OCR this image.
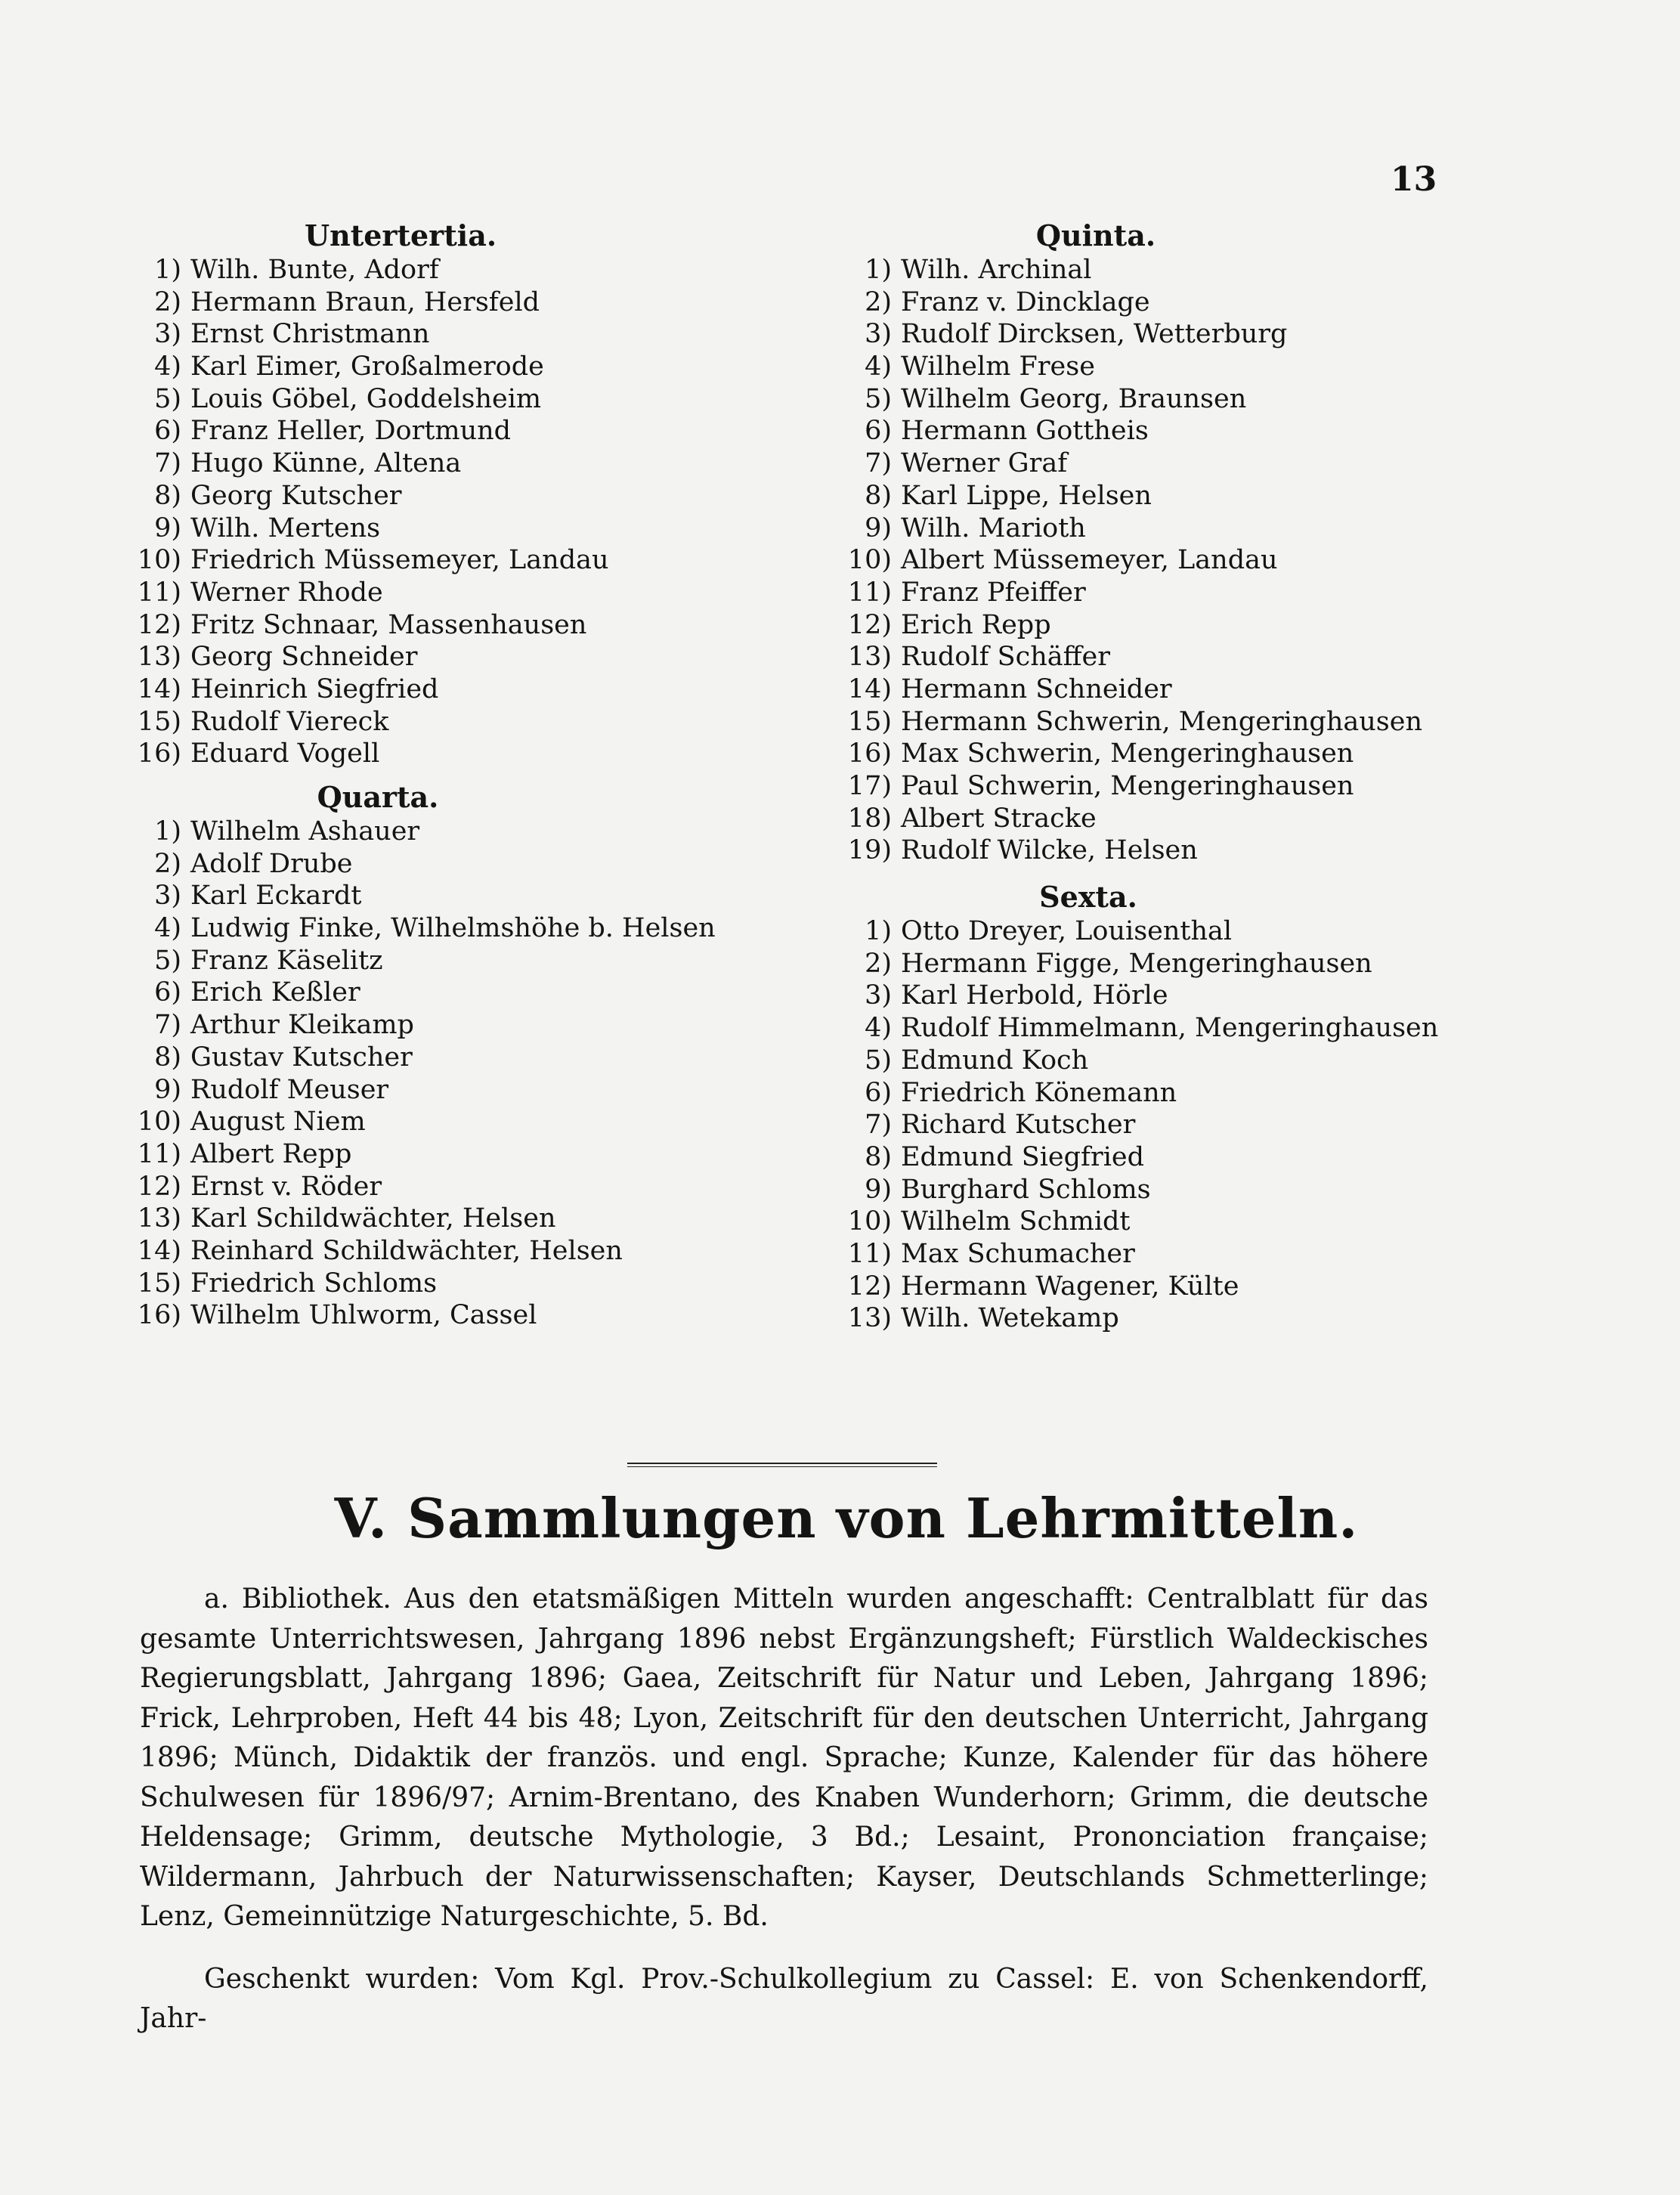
13
Untertertia.
1) Wilh. Bunte, Adorf
2) Hermann Braun, Hersfeld
3) Ernst Christmann
4) Karl Eimer, Großalmerode
5) Louis Göbel, Goddelsheim
6) Franz Heller, Dortmund
7) Hugo Künne, Altena
8) Georg Kutscher
9) Wilh. Mertens
10) Friedrich Müssemeyer, Landau
11) Werner Rhode
12) Fritz Schnaar, Massenhausen
13) Georg Schneider
14) Heinrich Siegfried
15) Rudolf Viereck
16) Eduard Vogell
Quarta.
1) Wilhelm Ashauer
2) Adolf Drube
3) Karl Eckardt
4) Ludwig Finke, Wilhelmshöhe b. Helsen
5) Franz Käselitz
6) Erich Keßler
7) Arthur Kleikamp
8) Gustav Kutscher
9) Rudolf Meuser
10) August Niem
11) Albert Repp
12) Ernst v. Röder
13) Karl Schildwächter, Helsen
14) Reinhard Schildwächter, Helsen
15) Friedrich Schloms
16) Wilhelm Uhlworm, Cassel
Quinta.
1) Wilh. Archinal
2) Franz v. Dincklage
3) Rudolf Dircksen, Wetterburg
4) Wilhelm Frese
5) Wilhelm Georg, Braunsen
6) Hermann Gottheis
7) Werner Graf
8) Karl Lippe, Helsen
9) Wilh. Marioth
10) Albert Müssemeyer, Landau
11) Franz Pfeiffer
12) Erich Repp
13) Rudolf Schäffer
14) Hermann Schneider
15) Hermann Schwerin, Mengeringhausen
16) Max Schwerin, Mengeringhausen
17) Paul Schwerin, Mengeringhausen
18) Albert Stracke
19) Rudolf Wilcke, Helsen
Sexta.
1) Otto Dreyer, Louisenthal
2) Hermann Figge, Mengeringhausen
3) Karl Herbold, Hörle
4) Rudolf Himmelmann, Mengeringhausen
5) Edmund Koch
6) Friedrich Könemann
7) Richard Kutscher
8) Edmund Siegfried
9) Burghard Schloms
10) Wilhelm Schmidt
11) Max Schumacher
12) Hermann Wagener, Külte
13) Wilh. Wetekamp
V. Sammlungen von Lehrmitteln.

a. Bibliothek. Aus den etatsmäßigen Mitteln wurden angeschafft: Centralblatt für das gesamte Unterrichtswesen, Jahrgang 1896 nebst Ergänzungsheft; Fürstlich Waldeckisches Regierungsblatt, Jahrgang 1896; Gaea, Zeitschrift für Natur und Leben, Jahrgang 1896; Frick, Lehrproben, Heft 44 bis 48; Lyon, Zeitschrift für den deutschen Unterricht, Jahrgang 1896; Münch, Didaktik der französ. und engl. Sprache; Kunze, Kalender für das höhere Schulwesen für 1896/97; Arnim-Brentano, des Knaben Wunderhorn; Grimm, die deutsche Heldensage; Grimm, deutsche Mythologie, 3 Bd.; Lesaint, Prononciation française; Wildermann, Jahrbuch der Naturwissenschaften; Kayser, Deutschlands Schmetterlinge; Lenz, Gemeinnützige Naturgeschichte, 5. Bd.

Geschenkt wurden: Vom Kgl. Prov.-Schulkollegium zu Cassel: E. von Schenkendorff, Jahr-
